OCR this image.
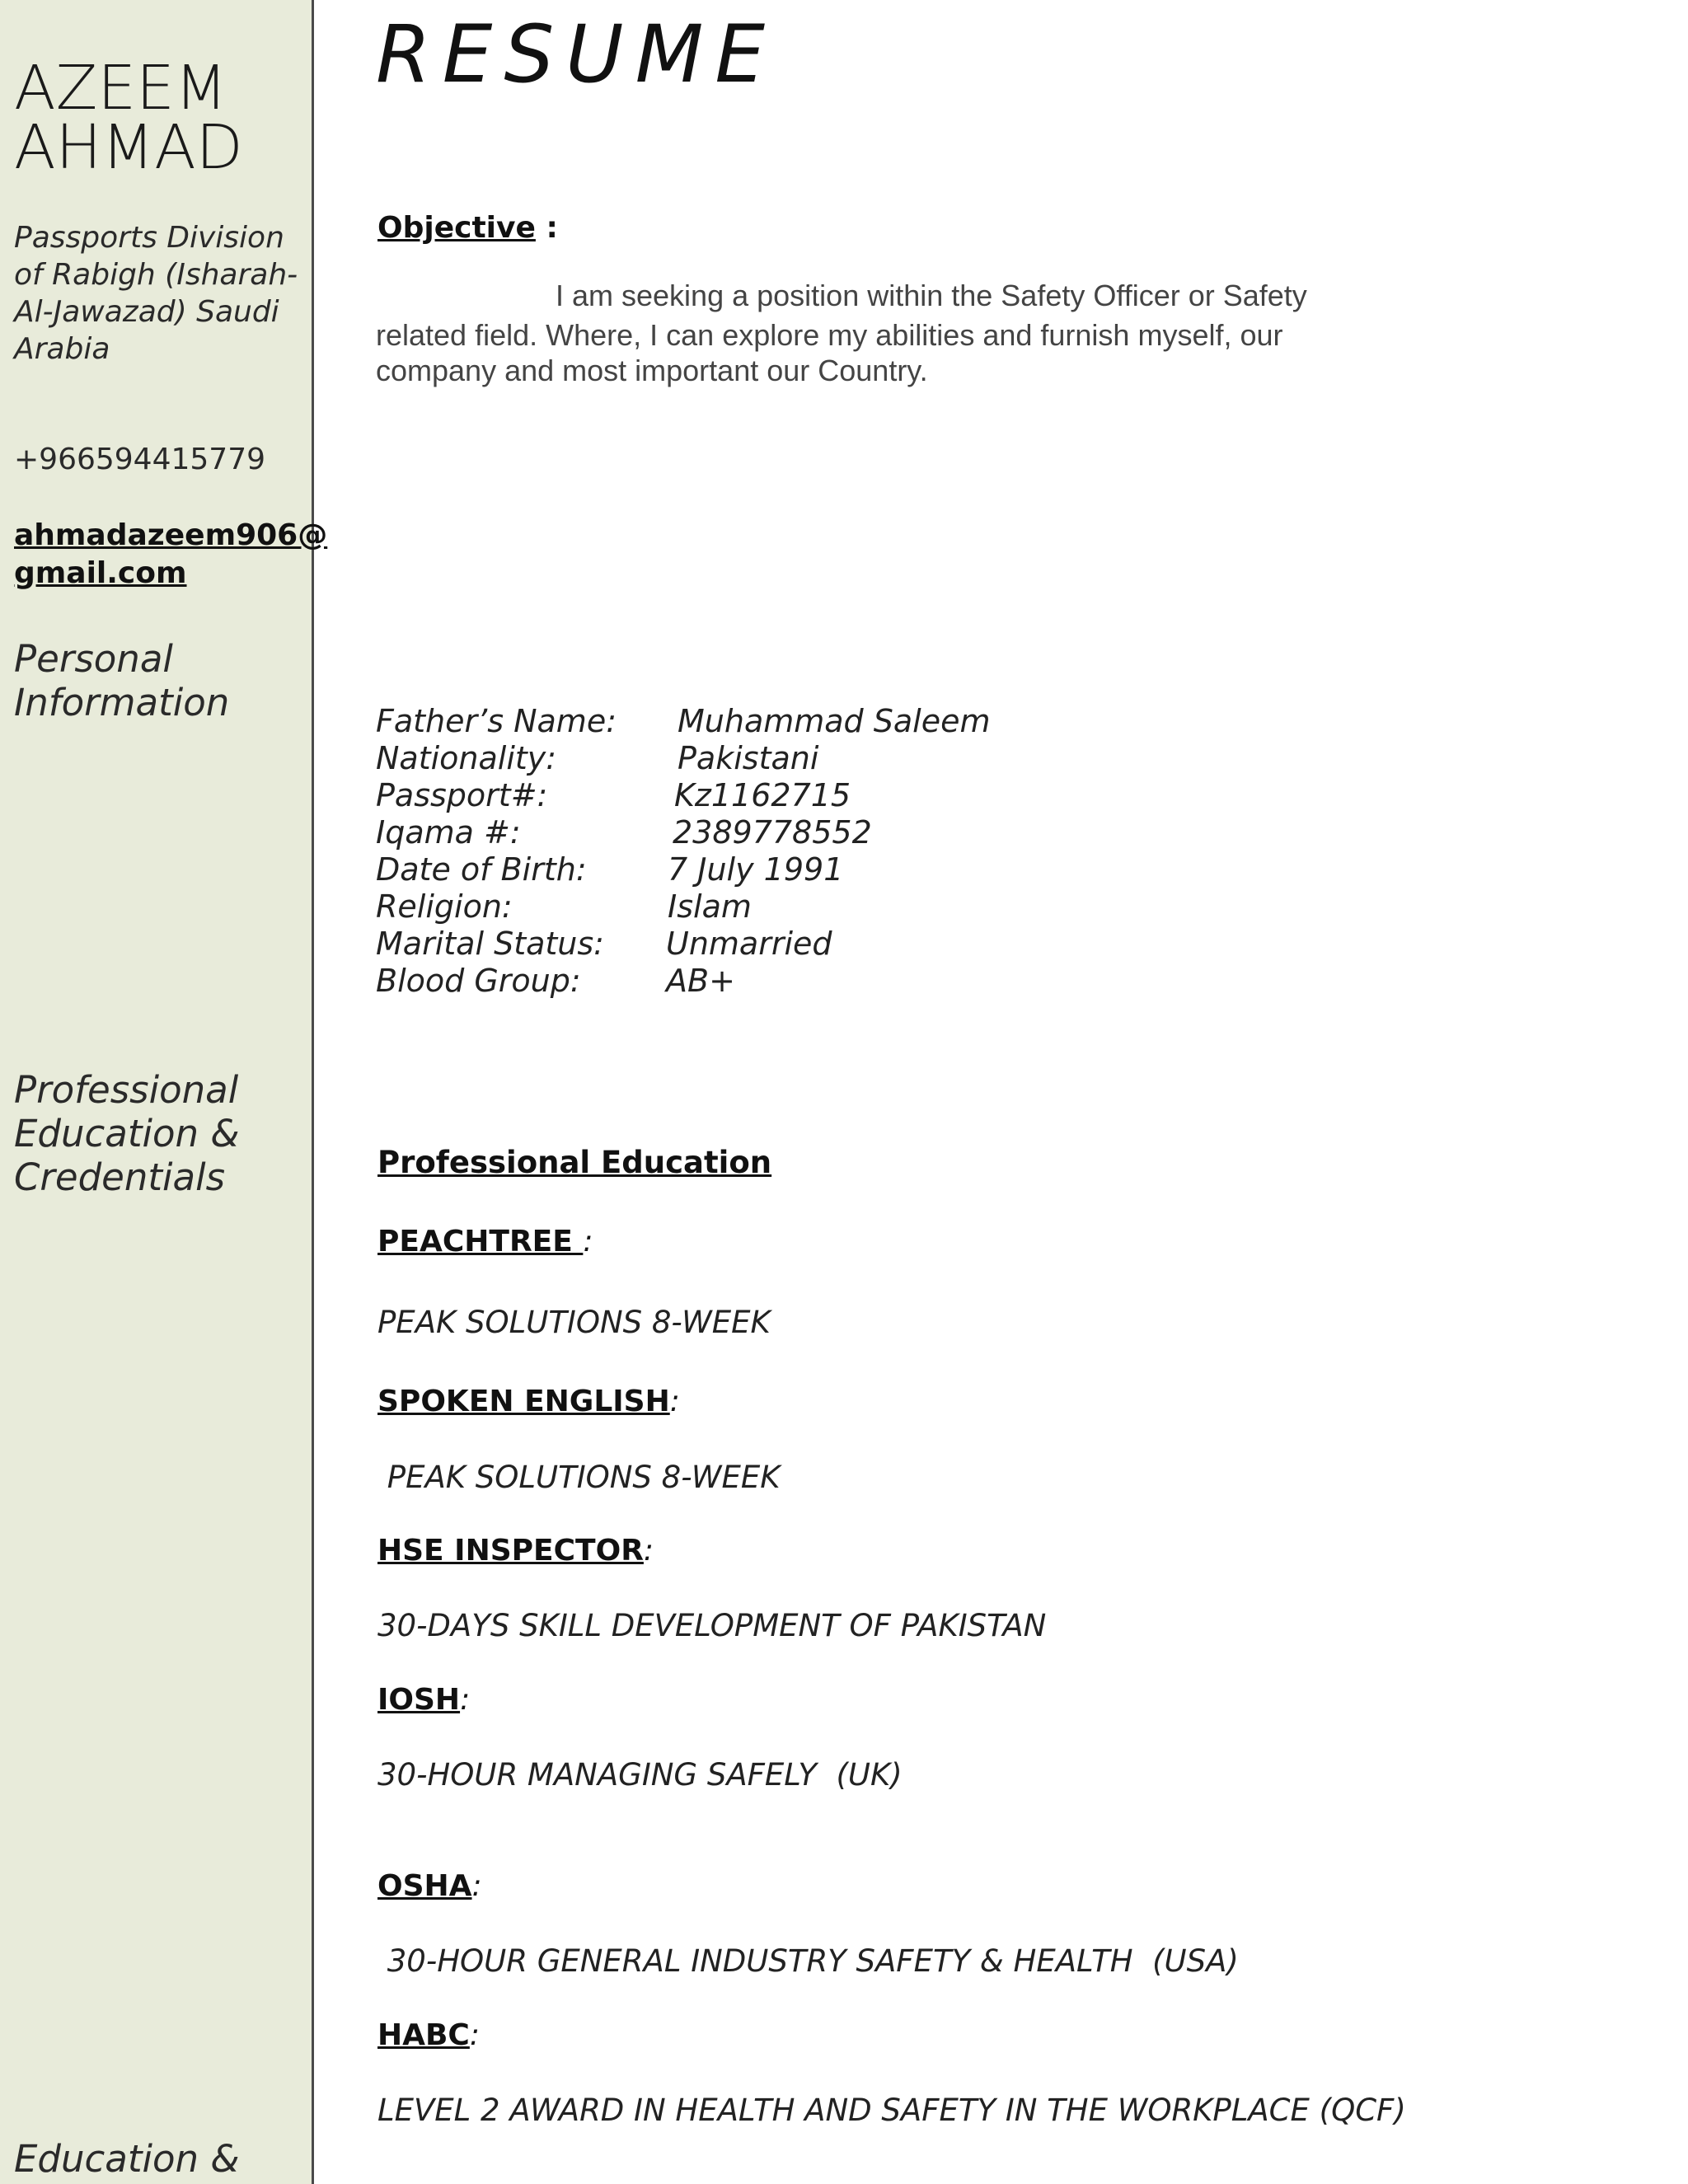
AZEEM
AHMAD
Passports Division
of Rabigh (Isharah-
Al-Jawazad) Saudi
Arabia
+966594415779
ahmadazeem906@
gmail.com
Personal
Information
Professional
Education &
Credentials
Education &
RESUME
Objective :
I am seeking a position within the Safety Officer or Safety
related field. Where, I can explore my abilities and furnish myself, our
company and most important our Country.
Father’s Name: Muhammad Saleem
Nationality:	Pakistani
Passport#:	Kz1162715
Iqama #:	2389778552
Date of Birth:	7 July 1991
Religion:	Islam
Marital Status: Unmarried
Blood Group:	AB+
Professional Education
PEACHTREE :
PEAK SOLUTIONS 8-WEEK
SPOKEN ENGLISH:
PEAK SOLUTIONS 8-WEEK
HSE INSPECTOR:
30-DAYS SKILL DEVELOPMENT OF PAKISTAN
IOSH:
30-HOUR MANAGING SAFELY  (UK)
OSHA:
30-HOUR GENERAL INDUSTRY SAFETY & HEALTH  (USA)
HABC:
LEVEL 2 AWARD IN HEALTH AND SAFETY IN THE WORKPLACE (QCF)
